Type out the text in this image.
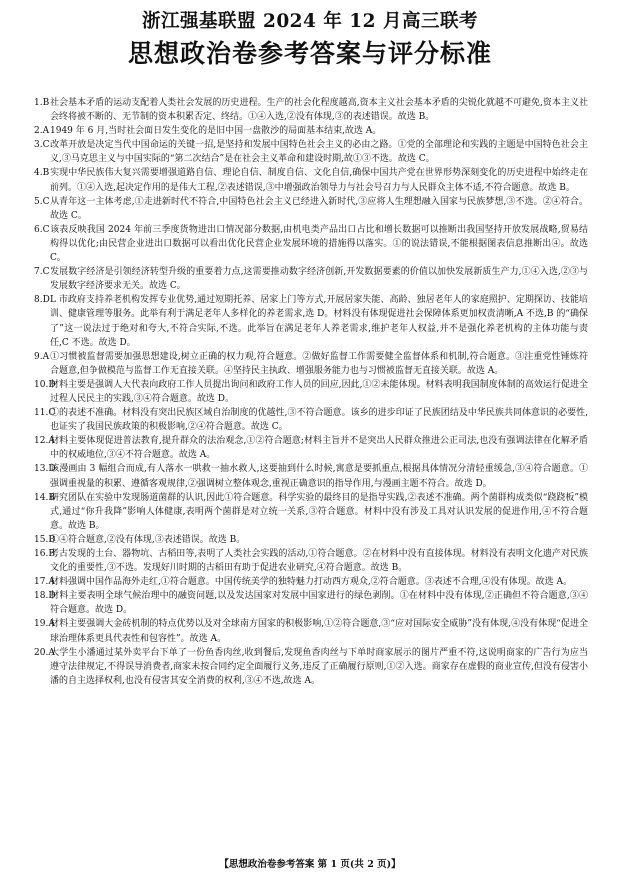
浙江强基联盟 2024 年 12 月高三联考
思想政治卷参考答案与评分标准

1.B社会基本矛盾的运动支配着人类社会发展的历史进程。生产的社会化程度越高,资本主义社会基本矛盾的尖锐化就越不可避免,资本主义社会终将被不断的、无节制的资本积累否定、终结。①④入选,②没有体现,③的表述错误。故选 B。

2.A1949 年 6 月,当时社会面日发生变化的是旧中国一盘散沙的局面基本结束,故选 A。

3.C改革开放是决定当代中国命运的关键一招,是坚持和发展中国特色社会主义的必由之路。①党的全部理论和实践的主题是中国特色社会主义,③马克思主义与中国实际的“第二次结合”是在社会主义革命和建设时期,故①③不选。故选 C。

4.B实现中华民族伟大复兴需要增强道路自信、理论自信、制度自信、文化自信,确保中国共产党在世界形势深刻变化的历史进程中始终走在前列。①④入选,起决定作用的是伟大工程,②表述错误,③中增强政治领导力与社会号召力与人民群众主体不适,不符合题意。故选 B。

5.C从青年这一主体考虑,①走进新时代不符合,中国特色社会主义已经进入新时代,③应将人生理想融入国家与民族梦想,③不选。②④符合。故选 C。

6.C该表反映我国 2024 年前三季度货物进出口情况部分数据,由机电类产品出口占比和增长数据可以推断出我国坚持开放发展战略,贸易结构得以优化;由民营企业进出口数据可以看出优化民营企业发展环境的措施得以落实。①的说法错误,不能根据图表信息推断出④。故选 C。

7.C发展数字经济是引领经济转型升级的重要着力点,这需要推动数字经济创新,开发数据要素的价值以加快发展新质生产力,①④入选,②③与发展数字经济要求无关。故选 C。

8.DL 市政府支持养老机构发挥专业优势,通过短期托养、居家上门等方式,开展居家失能、高龄、独居老年人的家庭照护、定期探访、技能培训、健康管理等服务。此举有利于满足老年人多样化的养老需求,选 D。材料没有体现促进社会保障体系更加权责清晰,A 不选,B 的“确保了”这一说法过于绝对和夸大,不符合实际,不选。此举旨在满足老年人养老需求,维护老年人权益,并不是强化养老机构的主体功能与责任,C 不选。故选 D。

9.A①习惯被监督需要加强思想建设,树立正确的权力观,符合题意。②做好监督工作需要健全监督体系和机制,符合题意。③注重党性锤炼符合题意,但争做模范与监督工作无直接关联。④坚持民主执政、增强服务能力也与习惯被监督无直接关联。故选 A。

10.D材料主要是强调人大代表向政府工作人员提出询问和政府工作人员的回应,因此,①②未能体现。材料表明我国制度体制的高效运行促进全过程人民民主的实践,③④符合题意。故选 D。

11.C①的表述不准确。材料没有突出民族区域自治制度的优越性,③不符合题意。该乡的进步印证了民族团结及中华民族共同体意识的必要性,也证实了我国民族政策的积极影响,②④符合题意。故选 C。

12.A材料主要体现促进普法教育,提升群众的法治观念,①②符合题意;材料主旨并不是突出人民群众推进公正司法,也没有强调法律在化解矛盾中的权威地位,③④不符合题意。故选 A。

13.D该漫画由 3 幅组合而成,有人落水一哄救一抽水救人,这要抽到什么时候,寓意是要抓重点,根据具体情况分清轻重缓急,③④符合题意。①强调重视量的积累、遵循客观规律,②强调树立整体观念,重视正确意识的指导作用,与漫画主题不符合。故选 D。

14.B研究团队在实验中发现肠道菌群的认识,因此①符合题意。科学实验的最终目的是指导实践,②表述不准确。两个菌群构成类似“跷跷板”模式,通过“你升我降”影响人体健康,表明两个菌群是对立统一关系,③符合题意。材料中没有涉及工具对认识发展的促进作用,④不符合题意。故选 B。

15.B①④符合题意,②没有体现,③表述错误。故选 B。

16.B考古发现的土台、器物坑、古稻田等,表明了人类社会实践的活动,①符合题意。②在材料中没有直接体现。材料没有表明文化遗产对民族文化的重要性,③不选。发现好川时期的古稻田有助于促进农业研究,④符合题意。故选 B。

17.A材料强调中国作品海外走红,①符合题意。中国传统美学的独特魅力打动西方观众,②符合题意。③表述不合理,④没有体现。故选 A。

18.D材料主要表明全球气候治理中的融资问题,以及发达国家对发展中国家进行的绿色剥削。①在材料中没有体现,②正确但不符合题意,③④符合题意。故选 D。

19.A材料主要强调大金砖机制的特点优势以及对全球南方国家的积极影响,①②符合题意,③“应对国际安全威胁”没有体现,④没有体现“促进全球治理体系更具代表性和包容性”。故选 A。

20.A大学生小潘通过某外卖平台下单了一份鱼香肉丝,收到餐后,发现鱼香肉丝与下单时商家展示的图片严重不符,这说明商家的广告行为应当遵守法律规定,不得误导消费者,商家未按合同约定全面履行义务,违反了正确履行原则,①②入选。商家存在虚假的商业宣传,但没有侵害小潘的自主选择权利,也没有侵害其安全消费的权利,③④不选,故选 A。

【思想政治卷参考答案 第 1 页(共 2 页)】
